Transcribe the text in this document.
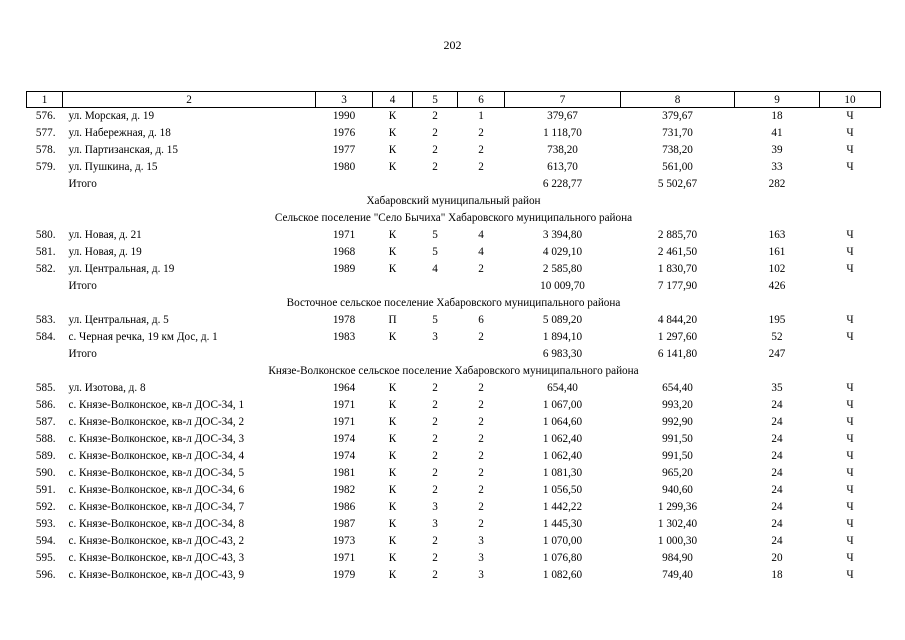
202
1	2	3	4	5	6	7	8	9	10
576.	ул. Морская, д. 19	1990	К	2	1	379,67	379,67	18	Ч
577.	ул. Набережная, д. 18	1976	К	2	2	1 118,70	731,70	41	Ч
578.	ул. Партизанская, д. 15	1977	К	2	2	738,20	738,20	39	Ч
579.	ул. Пушкина, д. 15	1980	К	2	2	613,70	561,00	33	Ч
	Итого					6 228,77	5 502,67	282	
Хабаровский муниципальный район									
Сельское поселение "Село Бычиха" Хабаровского муниципального района									
580.	ул. Новая, д. 21	1971	К	5	4	3 394,80	2 885,70	163	Ч
581.	ул. Новая, д. 19	1968	К	5	4	4 029,10	2 461,50	161	Ч
582.	ул. Центральная, д. 19	1989	К	4	2	2 585,80	1 830,70	102	Ч
	Итого					10 009,70	7 177,90	426	
Восточное сельское поселение Хабаровского муниципального района									
583.	ул. Центральная, д. 5	1978	П	5	6	5 089,20	4 844,20	195	Ч
584.	с. Черная речка, 19 км Дос, д. 1	1983	К	3	2	1 894,10	1 297,60	52	Ч
	Итого					6 983,30	6 141,80	247	
Князе-Волконское сельское поселение Хабаровского муниципального района									
585.	ул. Изотова, д. 8	1964	К	2	2	654,40	654,40	35	Ч
586.	с. Князе-Волконское, кв-л ДОС-34, 1	1971	К	2	2	1 067,00	993,20	24	Ч
587.	с. Князе-Волконское, кв-л ДОС-34, 2	1971	К	2	2	1 064,60	992,90	24	Ч
588.	с. Князе-Волконское, кв-л ДОС-34, 3	1974	К	2	2	1 062,40	991,50	24	Ч
589.	с. Князе-Волконское, кв-л ДОС-34, 4	1974	К	2	2	1 062,40	991,50	24	Ч
590.	с. Князе-Волконское, кв-л ДОС-34, 5	1981	К	2	2	1 081,30	965,20	24	Ч
591.	с. Князе-Волконское, кв-л ДОС-34, 6	1982	К	2	2	1 056,50	940,60	24	Ч
592.	с. Князе-Волконское, кв-л ДОС-34, 7	1986	К	3	2	1 442,22	1 299,36	24	Ч
593.	с. Князе-Волконское, кв-л ДОС-34, 8	1987	К	3	2	1 445,30	1 302,40	24	Ч
594.	с. Князе-Волконское, кв-л ДОС-43, 2	1973	К	2	3	1 070,00	1 000,30	24	Ч
595.	с. Князе-Волконское, кв-л ДОС-43, 3	1971	К	2	3	1 076,80	984,90	20	Ч
596.	с. Князе-Волконское, кв-л ДОС-43, 9	1979	К	2	3	1 082,60	749,40	18	Ч
